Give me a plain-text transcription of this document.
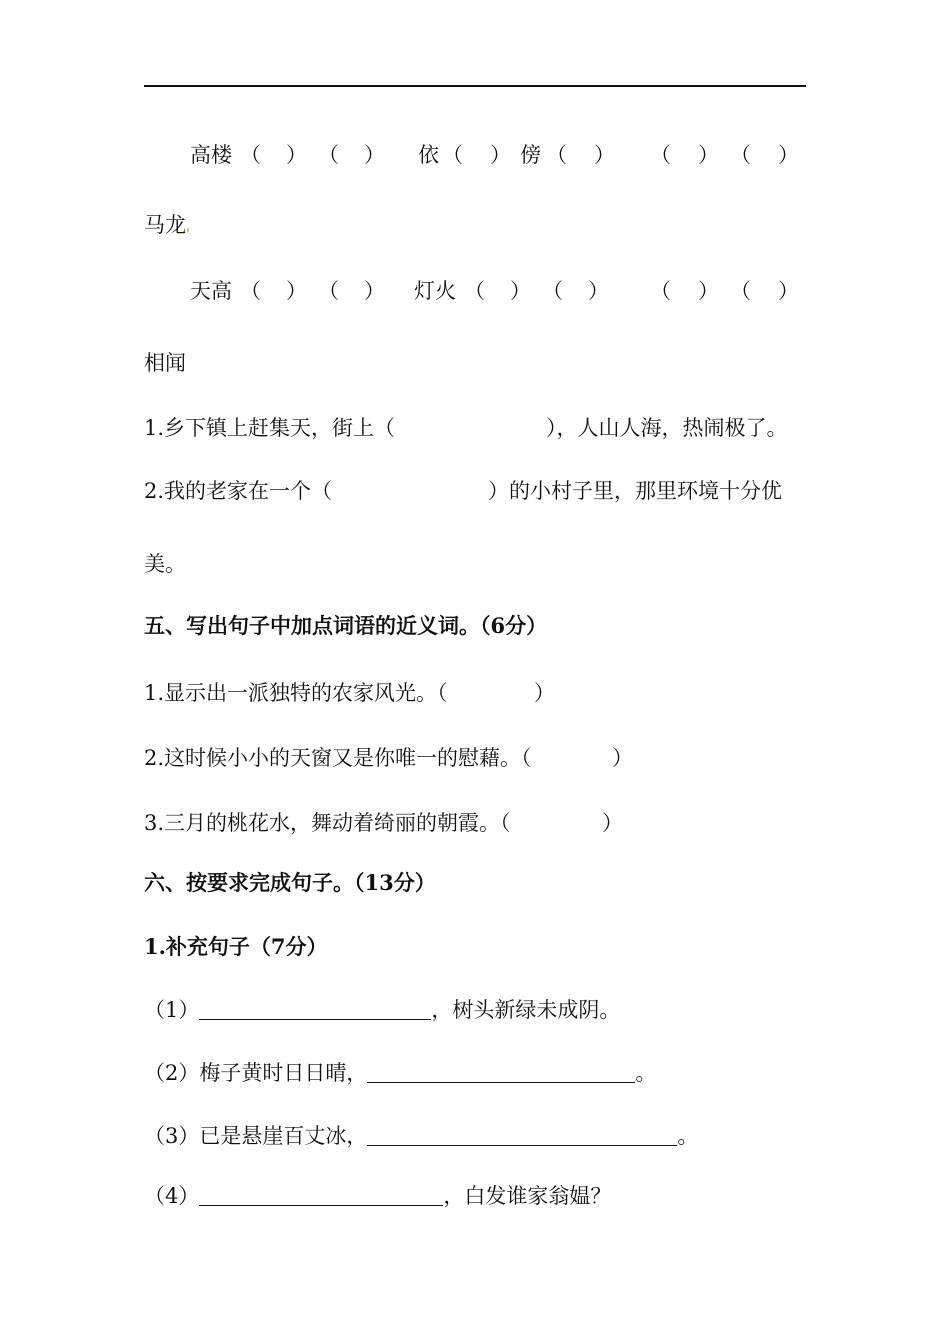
高楼 （ ） （ ） 依 （ ） 傍 （ ） （ ） （ ）
马龙
天高 （ ） （ ） 灯火 （ ） （ ） （ ） （ ）
相闻
1.乡下镇上赶集天，街上（	），人山人海，热闹极了。
2.我的老家在一个（	）的小村子里，那里环境十分优
美。
五、写出句子中加点词语的近义词。（6分）
1.显示出一派独特的农家风光。（	）
2.这时候小小的天窗又是你唯一的慰藉。（	）
3.三月的桃花水，舞动着绮丽的朝霞。（	）
六、按要求完成句子。（13分）
1.补充句子（7分）
（1）	，树头新绿未成阴。
（2）梅子黄时日日晴，	。
（3）已是悬崖百丈冰，	。
（4）	，白发谁家翁媪？
